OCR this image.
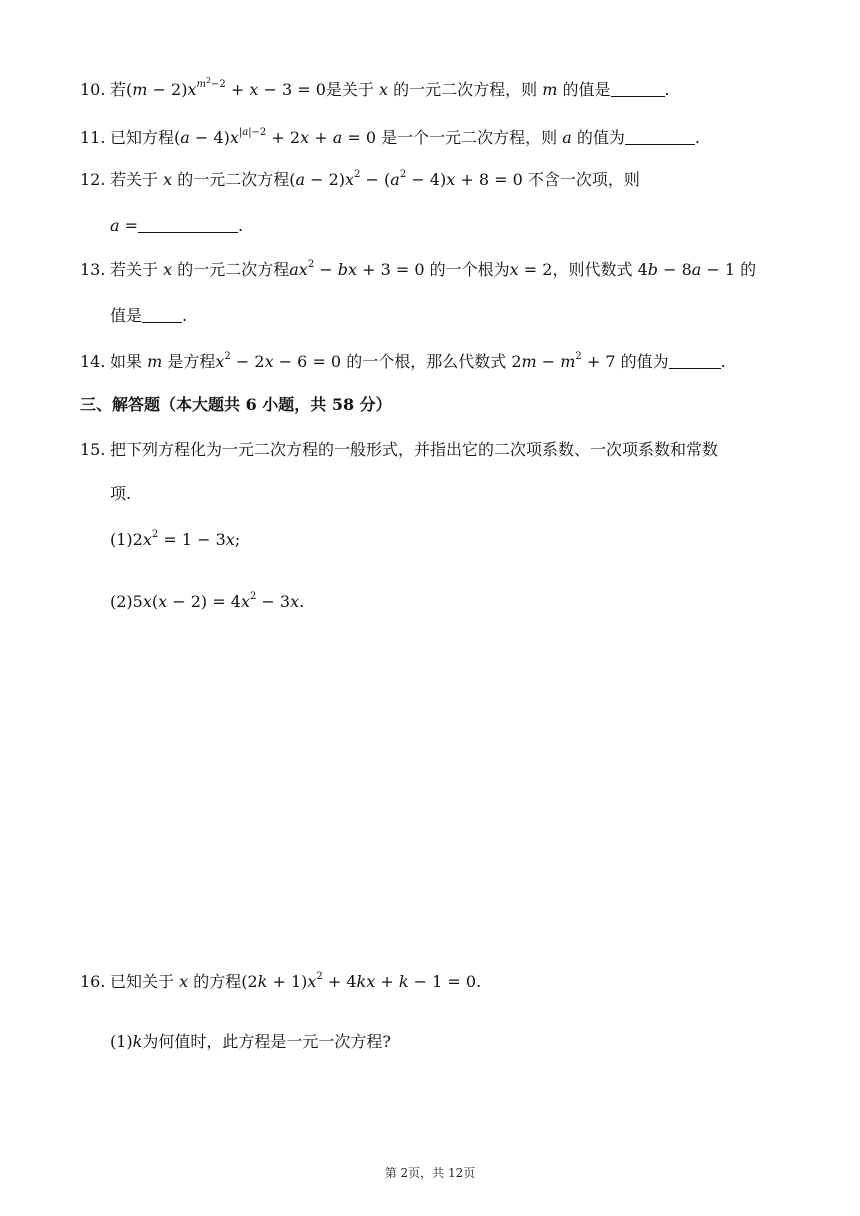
10. 若$(m - 2)x^{m^2-2} + x - 3 = 0$是关于 x 的一元二次方程，则 m 的值是	.
11. 已知方程$(a - 4)x^{|a|-2} + 2x + a = 0$ 是一个一元二次方程，则 a 的值为	.
12. 若关于 x 的一元二次方程$(a - 2)x^2 - (a^2 - 4)x + 8 = 0$ 不含一次项，则
a =	.
13. 若关于 x 的一元二次方程$ax^2$ − bx + 3 = 0 的一个根为x = 2，则代数式 4b − 8a − 1 的
值是	.
14. 如果 m 是方程$x^2 - 2x - 6 = 0$ 的一个根，那么代数式 $2m - m^2 + 7$ 的值为	.
三、解答题（本大题共 6 小题，共 58 分）
15. 把下列方程化为一元二次方程的一般形式，并指出它的二次项系数、一次项系数和常数
项.
$(1)2x^2 = 1 - 3x$;
$(2)5x(x - 2) = 4x^2 - 3x$.
16. 已知关于 x 的方程$(2k + 1)x^2 + 4kx + k - 1 = 0$.
(1)k为何值时，此方程是一元一次方程?
第 2页，共 12页
